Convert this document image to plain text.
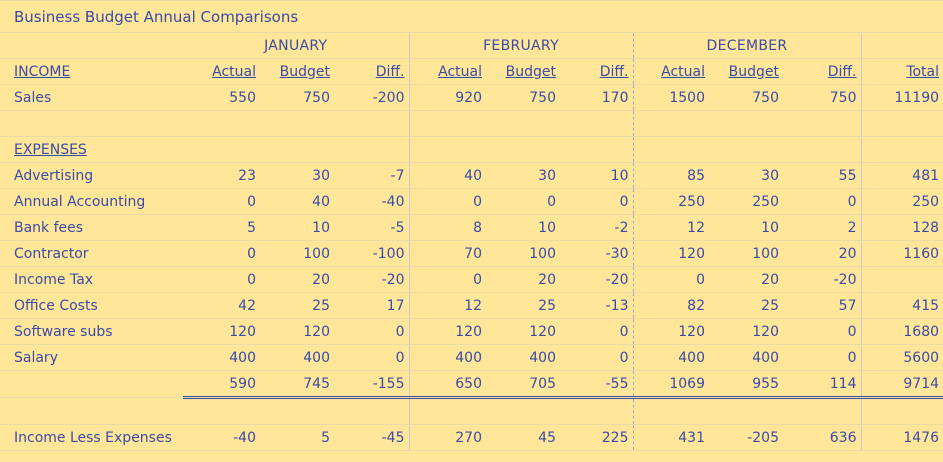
Business Budget Annual Comparisons										
	JANUARY			FEBRUARY			DECEMBER			
INCOME	Actual	Budget	Diff.	Actual	Budget	Diff.	Actual	Budget	Diff.	Total
Sales	550	750	-200	920	750	170	1500	750	750	11190

EXPENSES										
Advertising	23	30	-7	40	30	10	85	30	55	481
Annual Accounting	0	40	-40	0	0	0	250	250	0	250
Bank fees	5	10	-5	8	10	-2	12	10	2	128
Contractor	0	100	-100	70	100	-30	120	100	20	1160
Income Tax	0	20	-20	0	20	-20	0	20	-20	
Office Costs	42	25	17	12	25	-13	82	25	57	415
Software subs	120	120	0	120	120	0	120	120	0	1680
Salary	400	400	0	400	400	0	400	400	0	5600
	590	745	-155	650	705	-55	1069	955	114	9714

Income Less Expenses	-40	5	-45	270	45	225	431	-205	636	1476
